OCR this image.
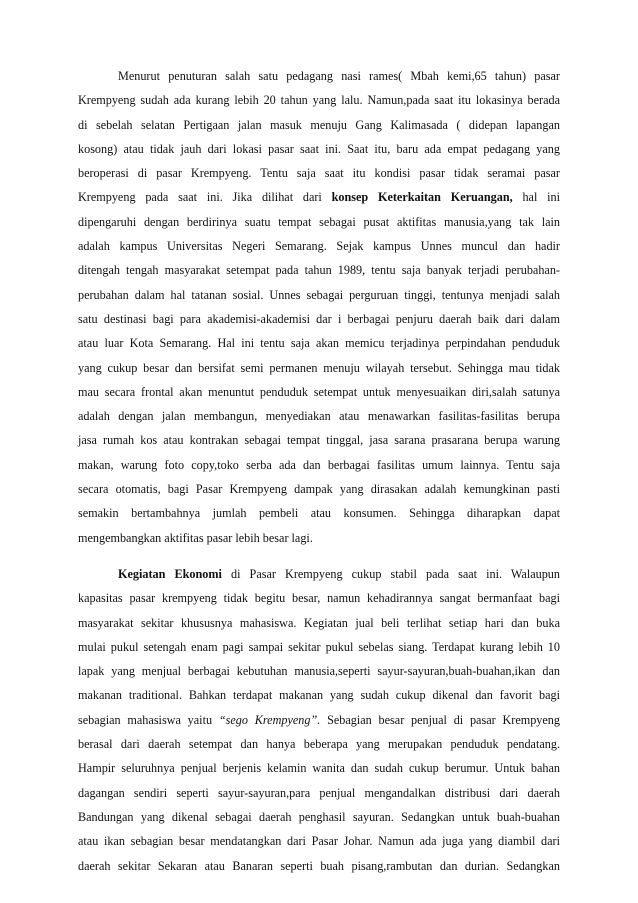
Menurut penuturan salah satu pedagang nasi rames( Mbah kemi,65 tahun) pasar
Krempyeng sudah ada kurang lebih 20 tahun yang lalu. Namun,pada saat itu lokasinya berada
di sebelah selatan Pertigaan jalan masuk menuju Gang Kalimasada ( didepan lapangan
kosong) atau tidak jauh dari lokasi pasar saat ini. Saat itu, baru ada empat pedagang yang
beroperasi di pasar Krempyeng. Tentu saja saat itu kondisi pasar tidak seramai pasar
Krempyeng pada saat ini. Jika dilihat dari konsep Keterkaitan Keruangan, hal ini
dipengaruhi dengan berdirinya suatu tempat sebagai pusat aktifitas manusia,yang tak lain
adalah kampus Universitas Negeri Semarang. Sejak kampus Unnes muncul dan hadir
ditengah tengah masyarakat setempat pada tahun 1989, tentu saja banyak terjadi perubahan-
perubahan dalam hal tatanan sosial. Unnes sebagai perguruan tinggi, tentunya menjadi salah
satu destinasi bagi para akademisi-akademisi dar i berbagai penjuru daerah baik dari dalam
atau luar Kota Semarang. Hal ini tentu saja akan memicu terjadinya perpindahan penduduk
yang cukup besar dan bersifat semi permanen menuju wilayah tersebut. Sehingga mau tidak
mau secara frontal akan menuntut penduduk setempat untuk menyesuaikan diri,salah satunya
adalah dengan jalan membangun, menyediakan atau menawarkan fasilitas-fasilitas berupa
jasa rumah kos atau kontrakan sebagai tempat tinggal, jasa sarana prasarana berupa warung
makan, warung foto copy,toko serba ada dan berbagai fasilitas umum lainnya. Tentu saja
secara otomatis, bagi Pasar Krempyeng dampak yang dirasakan adalah kemungkinan pasti
semakin bertambahnya jumlah pembeli atau konsumen. Sehingga diharapkan dapat
mengembangkan aktifitas pasar lebih besar lagi.
Kegiatan Ekonomi di Pasar Krempyeng cukup stabil pada saat ini. Walaupun
kapasitas pasar krempyeng tidak begitu besar, namun kehadirannya sangat bermanfaat bagi
masyarakat sekitar khususnya mahasiswa. Kegiatan jual beli terlihat setiap hari dan buka
mulai pukul setengah enam pagi sampai sekitar pukul sebelas siang. Terdapat kurang lebih 10
lapak yang menjual berbagai kebutuhan manusia,seperti sayur-sayuran,buah-buahan,ikan dan
makanan traditional. Bahkan terdapat makanan yang sudah cukup dikenal dan favorit bagi
sebagian mahasiswa yaitu “sego Krempyeng”. Sebagian besar penjual di pasar Krempyeng
berasal dari daerah setempat dan hanya beberapa yang merupakan penduduk pendatang.
Hampir seluruhnya penjual berjenis kelamin wanita dan sudah cukup berumur. Untuk bahan
dagangan sendiri seperti sayur-sayuran,para penjual mengandalkan distribusi dari daerah
Bandungan yang dikenal sebagai daerah penghasil sayuran. Sedangkan untuk buah-buahan
atau ikan sebagian besar mendatangkan dari Pasar Johar. Namun ada juga yang diambil dari
daerah sekitar Sekaran atau Banaran seperti buah pisang,rambutan dan durian. Sedangkan
